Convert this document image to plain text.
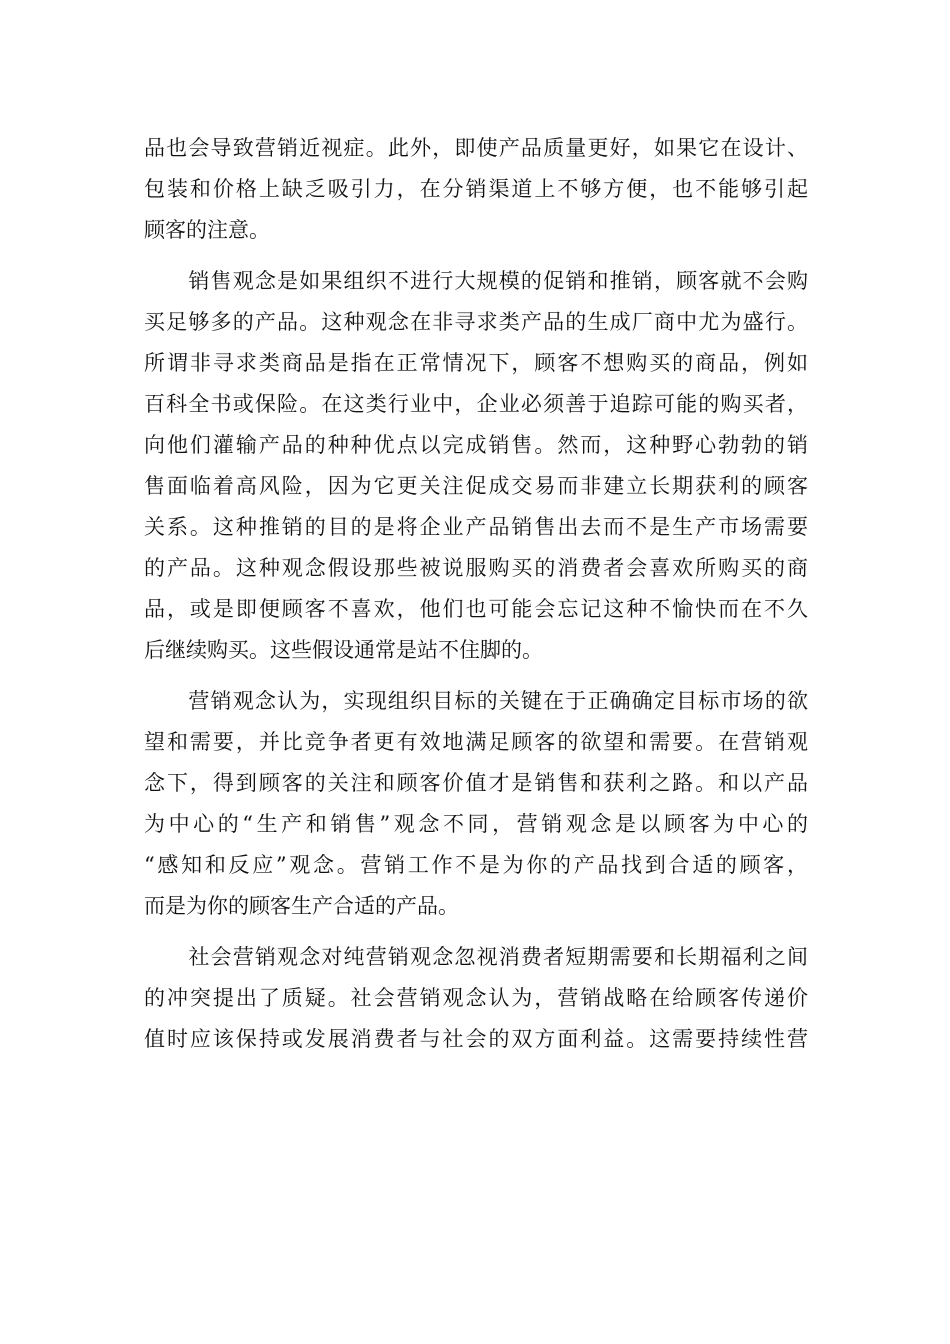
品也会导致营销近视症。此外，即使产品质量更好，如果它在设计、
包装和价格上缺乏吸引力，在分销渠道上不够方便，也不能够引起
顾客的注意。
　　销售观念是如果组织不进行大规模的促销和推销，顾客就不会购
买足够多的产品。这种观念在非寻求类产品的生成厂商中尤为盛行。
所谓非寻求类商品是指在正常情况下，顾客不想购买的商品，例如
百科全书或保险。在这类行业中，企业必须善于追踪可能的购买者，
向他们灌输产品的种种优点以完成销售。然而，这种野心勃勃的销
售面临着高风险，因为它更关注促成交易而非建立长期获利的顾客
关系。这种推销的目的是将企业产品销售出去而不是生产市场需要
的产品。这种观念假设那些被说服购买的消费者会喜欢所购买的商
品，或是即便顾客不喜欢，他们也可能会忘记这种不愉快而在不久
后继续购买。这些假设通常是站不住脚的。
　　营销观念认为，实现组织目标的关键在于正确确定目标市场的欲
望和需要，并比竞争者更有效地满足顾客的欲望和需要。在营销观
念下，得到顾客的关注和顾客价值才是销售和获利之路。和以产品
为中心的“生产和销售”观念不同，营销观念是以顾客为中心的
“感知和反应”观念。营销工作不是为你的产品找到合适的顾客，
而是为你的顾客生产合适的产品。
　　社会营销观念对纯营销观念忽视消费者短期需要和长期福利之间
的冲突提出了质疑。社会营销观念认为，营销战略在给顾客传递价
值时应该保持或发展消费者与社会的双方面利益。这需要持续性营
